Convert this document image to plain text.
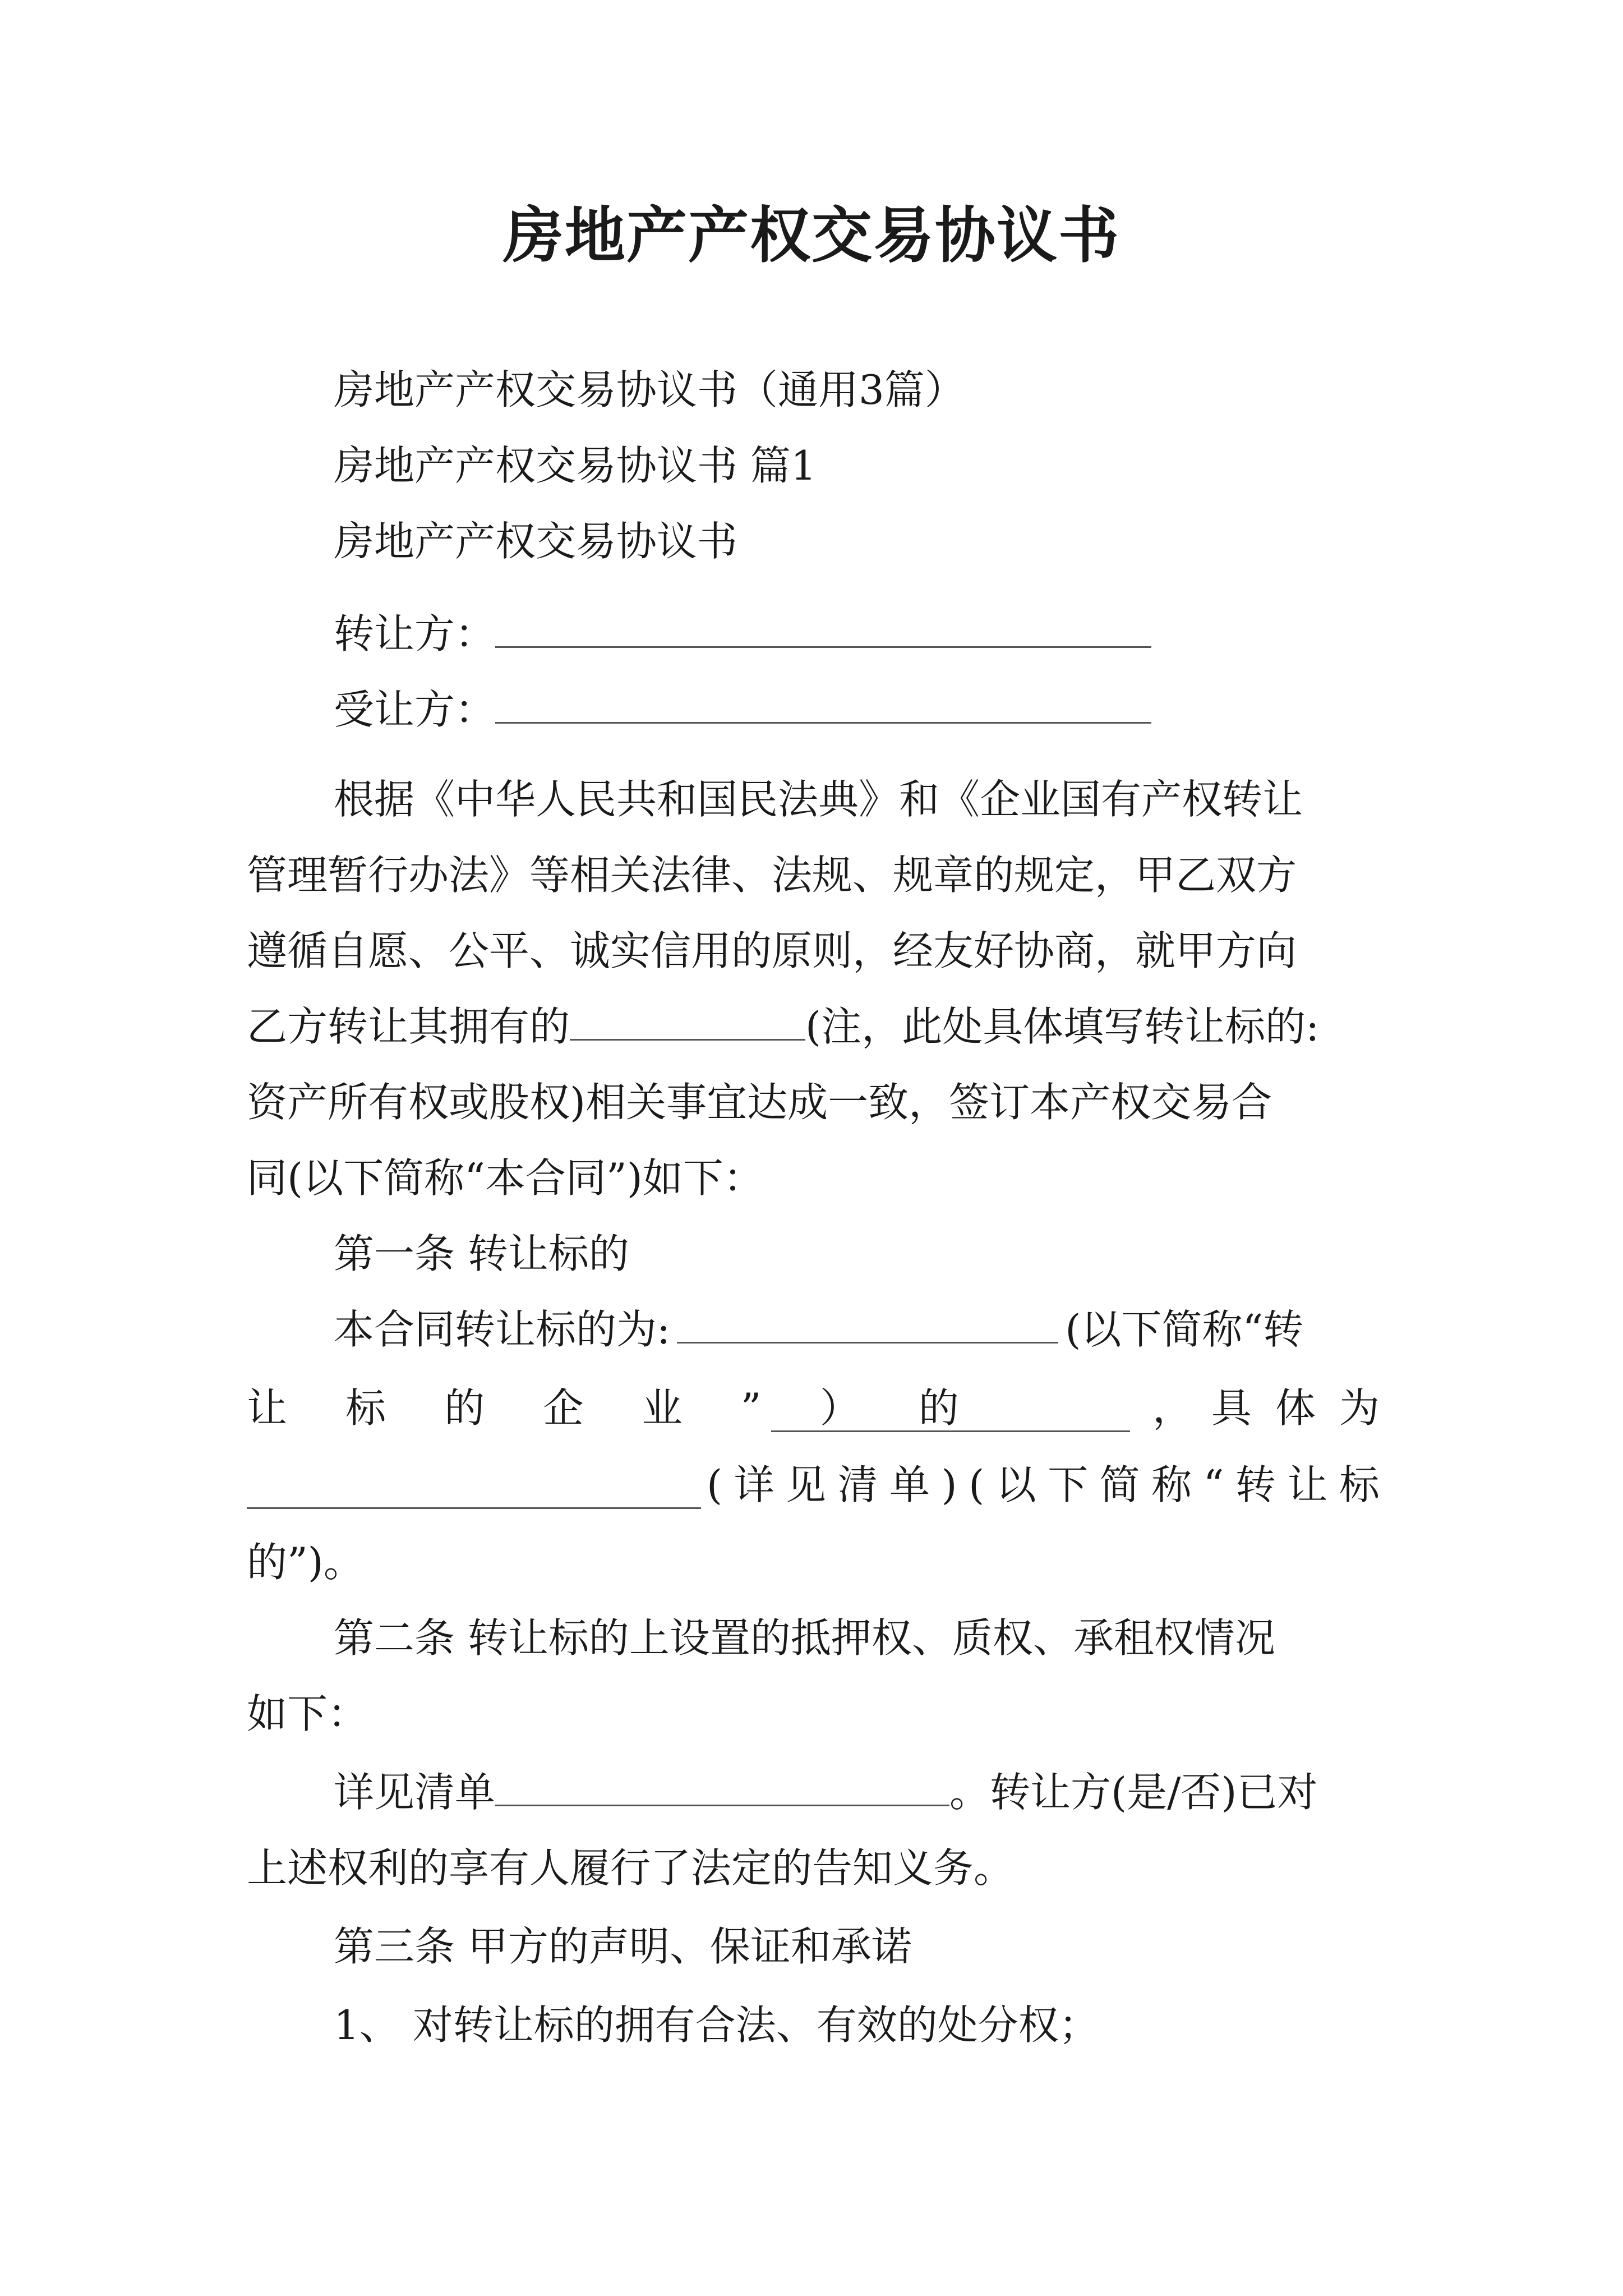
房地产产权交易协议书
房地产产权交易协议书（通用3篇）
房地产产权交易协议书 篇1
房地产产权交易协议书
转让方：
受让方：
根据《中华人民共和国民法典》和《企业国有产权转让
管理暂行办法》等相关法律、法规、规章的规定，甲乙双方
遵循自愿、公平、诚实信用的原则，经友好协商，就甲方向
乙方转让其拥有的	(注，此处具体填写转让标的:
资产所有权或股权)相关事宜达成一致，签订本产权交易合
同(以下简称“本合同”)如下：
第一条 转让标的
本合同转让标的为:	(以下简称“转
让 标 的 企 业 ” ） 的	， 具 体 为
( 详 见 清 单 ) ( 以 下 简 称 “ 转 让 标
的”)。
第二条 转让标的上设置的抵押权、质权、承租权情况
如下：
详见清单	。转让方(是/否)已对
上述权利的享有人履行了法定的告知义务。
第三条 甲方的声明、保证和承诺
1、 对转让标的拥有合法、有效的处分权；
